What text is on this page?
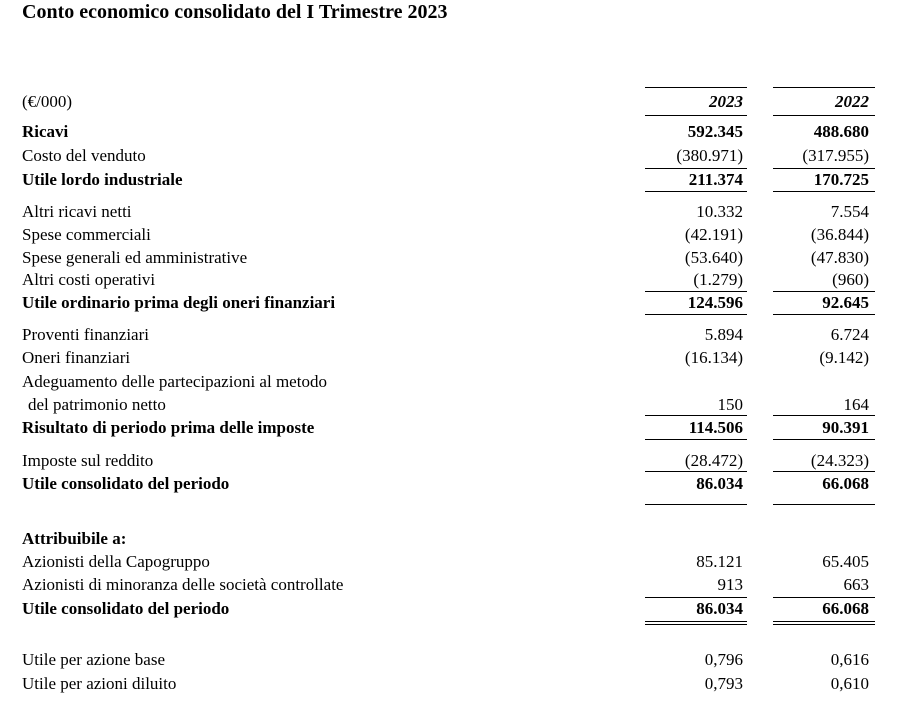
Conto economico consolidato del I Trimestre 2023
(€/000)	2023	2022
Ricavi	592.345	488.680
Costo del venduto	(380.971)	(317.955)
Utile lordo industriale	211.374	170.725
Altri ricavi netti	10.332	7.554
Spese commerciali	(42.191)	(36.844)
Spese generali ed amministrative	(53.640)	(47.830)
Altri costi operativi	(1.279)	(960)
Utile ordinario prima degli oneri finanziari	124.596	92.645
Proventi finanziari	5.894	6.724
Oneri finanziari	(16.134)	(9.142)
Adeguamento delle partecipazioni al metodo
del patrimonio netto	150	164
Risultato di periodo prima delle imposte	114.506	90.391
Imposte sul reddito	(28.472)	(24.323)
Utile consolidato del periodo	86.034	66.068
Attribuibile a:
Azionisti della Capogruppo	85.121	65.405
Azionisti di minoranza delle società controllate	913	663
Utile consolidato del periodo	86.034	66.068
Utile per azione base	0,796	0,616
Utile per azioni diluito	0,793	0,610
